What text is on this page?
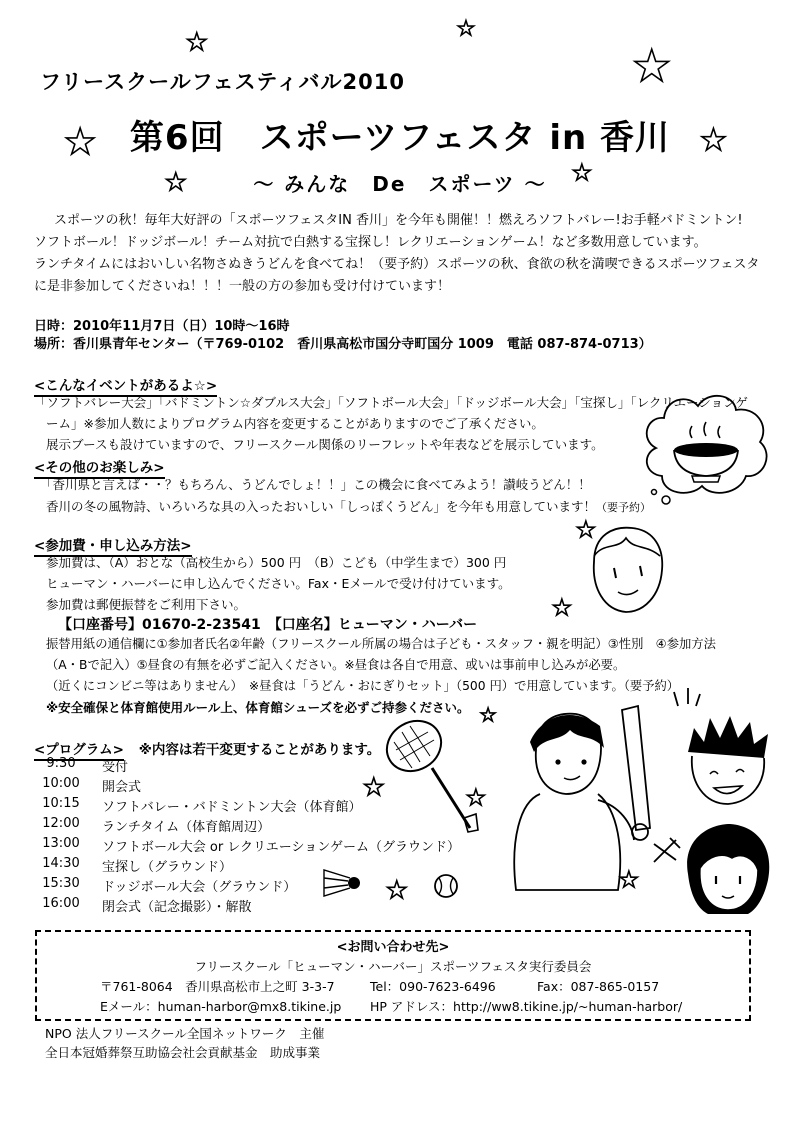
★	★
★
★
★
★
★
★
★
★
★	★
★	★
フリースクールフェスティバル2010
第6回　スポーツフェスタ in 香川
～ みんな　De　スポーツ ～
スポーツの秋！毎年大好評の「スポーツフェスタIN 香川」を今年も開催！！燃えろソフトバレー!お手軽バドミントン!
ソフトボール！ドッジボール！チーム対抗で白熱する宝探し！レクリエーションゲーム！など多数用意しています。
ランチタイムにはおいしい名物さぬきうどんを食べてね！（要予約）スポーツの秋、食欲の秋を満喫できるスポーツフェスタ
に是非参加してくださいね！！！一般の方の参加も受け付けています！
日時：2010年11月7日（日）10時～16時
場所：香川県青年センター（〒769-0102　香川県高松市国分寺町国分 1009　電話 087-874-0713）
<こんなイベントがあるよ☆>
「ソフトバレー大会」「バドミントン☆ダブルス大会」「ソフトボール大会」「ドッジボール大会」「宝探し」「レクリエーションゲ
ーム」※参加人数によりプログラム内容を変更することがありますのでご了承ください。
展示ブースも設けていますので、フリースクール関係のリーフレットや年表などを展示しています。
<その他のお楽しみ>
「香川県と言えば・・？もちろん、うどんでしょ！！」この機会に食べてみよう！讃岐うどん！！
香川の冬の風物詩、いろいろな具の入ったおいしい「しっぽくうどん」を今年も用意しています！（要予約）
<参加費・申し込み方法>
参加費は、（A）おとな（高校生から）500 円　（B）こども（中学生まで）300 円
ヒューマン・ハーバーに申し込んでください。Fax・Eメールで受け付けています。
参加費は郵便振替をご利用下さい。
【口座番号】01670-2-23541　【口座名】ヒューマン・ハーバー
振替用紙の通信欄に①参加者氏名②年齢（フリースクール所属の場合は子ども・スタッフ・親を明記）③性別　④参加方法
（A・Bで記入）⑤昼食の有無を必ずご記入ください。※昼食は各自で用意、或いは事前申し込みが必要。
（近くにコンビニ等はありません）　※昼食は「うどん・おにぎりセット」（500 円）で用意しています。（要予約）
※安全確保と体育館使用ルール上、体育館シューズを必ずご持参ください。
<プログラム> ※内容は若干変更することがあります。
9:30	受付
10:00	開会式
10:15	ソフトバレー・バドミントン大会（体育館）
12:00	ランチタイム（体育館周辺）
13:00	ソフトボール大会 or レクリエーションゲーム（グラウンド）
14:30	宝探し（グラウンド）
15:30	ドッジボール大会（グラウンド）
16:00	閉会式（記念撮影）・解散
<お問い合わせ先>
フリースクール「ヒューマン・ハーバー」スポーツフェスタ実行委員会
〒761-8064　香川県高松市上之町 3-3-7	Tel：090-7623-6496	Fax：087-865-0157
Eメール：human-harbor@mx8.tikine.jp HP アドレス：http://ww8.tikine.jp/~human-harbor/
NPO 法人フリースクール全国ネットワーク　主催
全日本冠婚葬祭互助協会社会貢献基金　助成事業
